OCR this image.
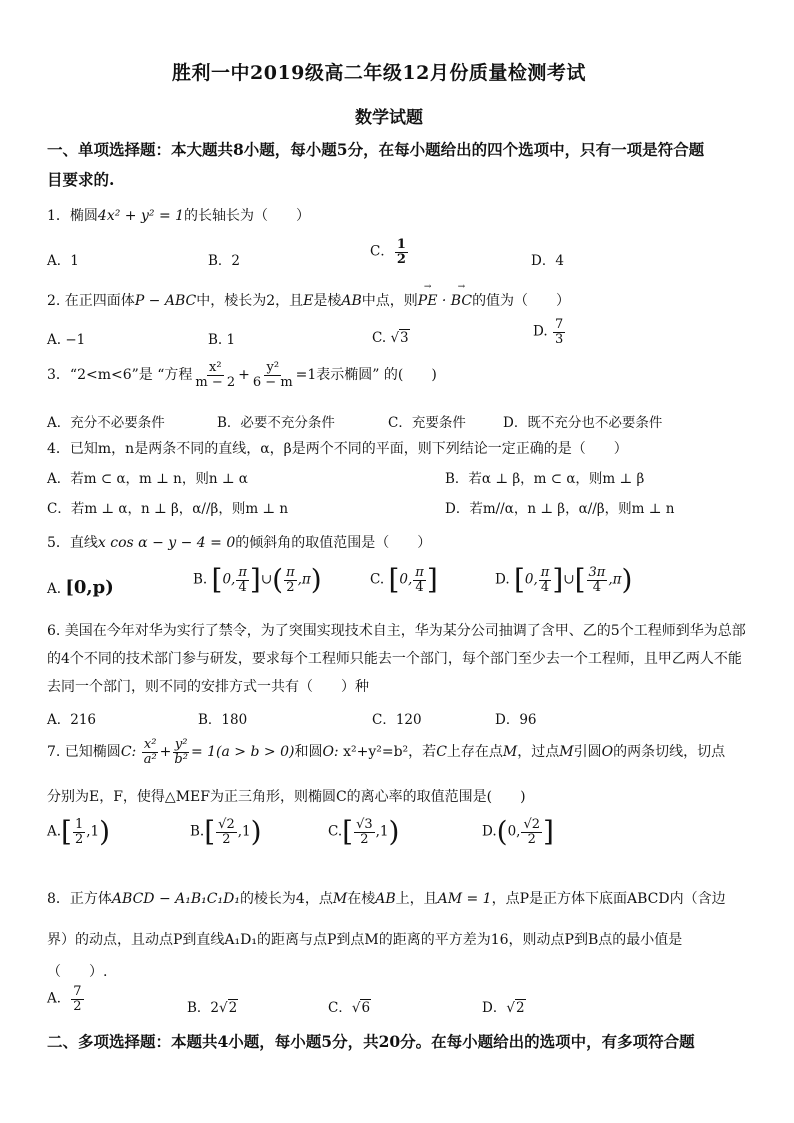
胜利一中2019级高二年级12月份质量检测考试
数学试题
一、单项选择题：本大题共8小题，每小题5分，在每小题给出的四个选项中，只有一项是符合题
目要求的.
1．椭圆4x² + y² = 1的长轴长为（　　）
A．1	B．2
C． $\frac{1}{2}$	D．4
2. 在正四面体P − ABC中，棱长为2，且E是棱AB中点，则→ PE · → BC的值为（　　）
A. −1	B. 1	C. √3	D. $\frac{7}{3}$
3．“2<m<6”是 “方程 $\frac{\text{x²}}{m - 2} + \frac{\text{y²}}{6 - m} =1$表示椭圆” 的(　　)
A．充分不必要条件	B．必要不充分条件	C．充要条件	D．既不充分也不必要条件
4．已知m，n是两条不同的直线，α，β是两个不同的平面，则下列结论一定正确的是（　　）
A．若m ⊂ α，m ⊥ n，则n ⊥ α	B．若α ⊥ β，m ⊂ α，则m ⊥ β
C．若m ⊥ α，n ⊥ β，α//β，则m ⊥ n	D．若m//α，n ⊥ β，α//β，则m ⊥ n
5．直线x cos α − y − 4 = 0的倾斜角的取值范围是（　　）
A. [0,p)	B. [0, $\frac{\pi}{4}$ ]∪( $\frac{\pi}{2} ,\pi$)	C. [0, $\frac{\pi}{4}$ ]	D. [0, $\frac{\pi}{4}$ ]∪[ $\frac{3\pi}{4} ,\pi$)
6. 美国在今年对华为实行了禁令，为了突围实现技术自主，华为某分公司抽调了含甲、乙的5个工程师到华为总部
的4个不同的技术部门参与研发，要求每个工程师只能去一个部门，每个部门至少去一个工程师，且甲乙两人不能
去同一个部门，则不同的安排方式一共有（　　）种
A．216	B．180	C．120	D．96
7. 已知椭圆C: $\frac{\text{x²}}{\text{a²}} + \frac{\text{y²}}{\text{b²}} = 1(a > b > 0)$和圆O: x²+y²=b²，若C上存在点M，过点M引圆O的两条切线，切点
分别为E，F，使得△MEF为正三角形，则椭圆C的离心率的取值范围是(　　)
$A.[ \frac{1}{2} ,1)$	$B.[ \frac{√2}{2} ,1)$	$C.[ \frac{√3}{2} ,1)$	D.(0, $\frac{√2}{2}$ ]
8．正方体ABCD − A₁B₁C₁D₁的棱长为4，点M在棱AB上，且AM = 1，点P是正方体下底面ABCD内（含边
界）的动点，且动点P到直线A₁D₁的距离与点P到点M的距离的平方差为16，则动点P到B点的最小值是
（　　）.
A． $\frac{7}{2}$	B．2√2	C．√6	D．√2
二、多项选择题：本题共4小题，每小题5分，共20分。在每小题给出的选项中，有多项符合题
